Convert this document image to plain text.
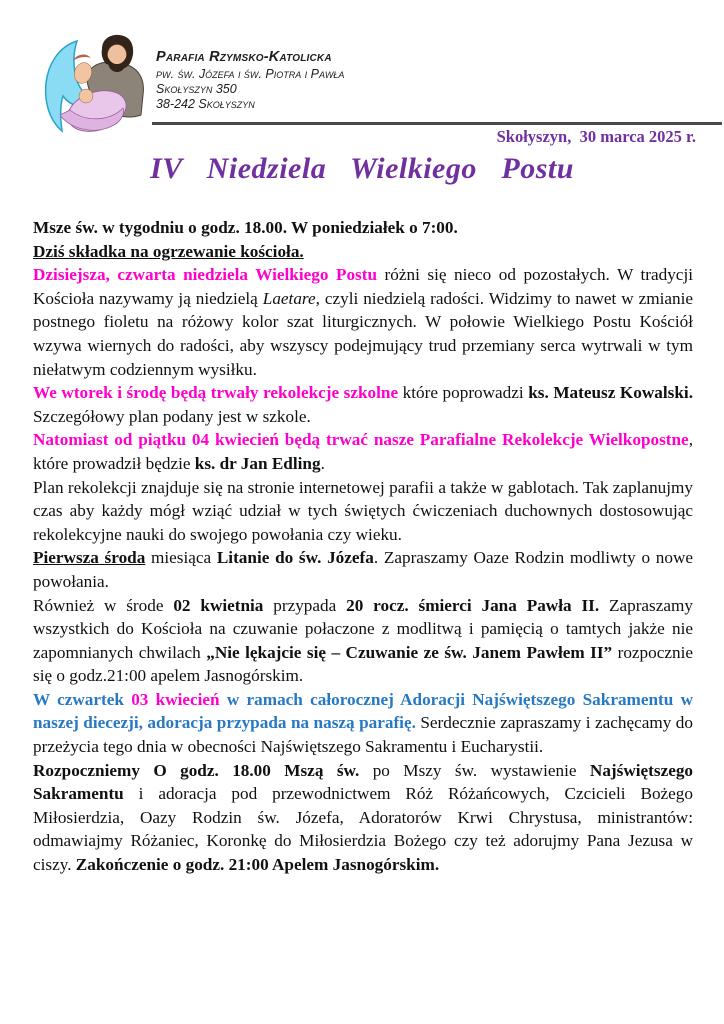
Parafia Rzymsko-Katolicka
pw. św. Józefa i św. Piotra i Pawła
Skołyszyn 350
38-242 Skołyszyn
Skołyszyn,  30 marca 2025 r.
IV Niedziela Wielkiego Postu

Msze św. w tygodniu o godz. 18.00. W poniedziałek o 7:00.

Dziś składka na ogrzewanie kościoła.

Dzisiejsza, czwarta niedziela Wielkiego Postu różni się nieco od pozostałych. W tradycji Kościoła nazywamy ją niedzielą Laetare, czyli niedzielą radości. Widzimy to nawet w zmianie postnego fioletu na różowy kolor szat liturgicznych. W połowie Wielkiego Postu Kościół wzywa wiernych do radości, aby wszyscy podejmujący trud przemiany serca wytrwali w tym niełatwym codziennym wysiłku.

We wtorek i środę będą trwały rekolekcje szkolne które poprowadzi ks. Mateusz Kowalski. Szczegółowy plan podany jest w szkole.

Natomiast od piątku 04 kwiecień będą trwać nasze Parafialne Rekolekcje Wielkopostne, które prowadził będzie ks. dr Jan Edling.

Plan rekolekcji znajduje się na stronie internetowej parafii a także w gablotach. Tak zaplanujmy czas aby każdy mógł wziąć udział w tych świętych ćwiczeniach duchownych dostosowując rekolekcyjne nauki do swojego powołania czy wieku.

Pierwsza środa miesiąca Litanie do św. Józefa. Zapraszamy Oaze Rodzin modliwty o nowe powołania.

Również w środe 02 kwietnia przypada 20 rocz. śmierci Jana Pawła II. Zapraszamy wszystkich do Kościoła na czuwanie połaczone z modlitwą i pamięcią o tamtych jakże nie zapomnianych chwilach „Nie lękajcie się – Czuwanie ze św. Janem Pawłem II” rozpocznie się o godz.21:00 apelem Jasnogórskim.

W czwartek 03 kwiecień w ramach całorocznej Adoracji Najświętszego Sakramentu w naszej diecezji, adoracja przypada na naszą parafię. Serdecznie zapraszamy i zachęcamy do przeżycia tego dnia w obecności Najświętszego Sakramentu i Eucharystii.

Rozpoczniemy O godz. 18.00 Mszą św. po Mszy św. wystawienie Najświętszego Sakramentu i adoracja pod przewodnictwem Róż Różańcowych, Czcicieli Bożego Miłosierdzia, Oazy Rodzin św. Józefa, Adoratorów Krwi Chrystusa, ministrantów: odmawiajmy Różaniec, Koronkę do Miłosierdzia Bożego czy też adorujmy Pana Jezusa w ciszy. Zakończenie o godz. 21:00 Apelem Jasnogórskim.
